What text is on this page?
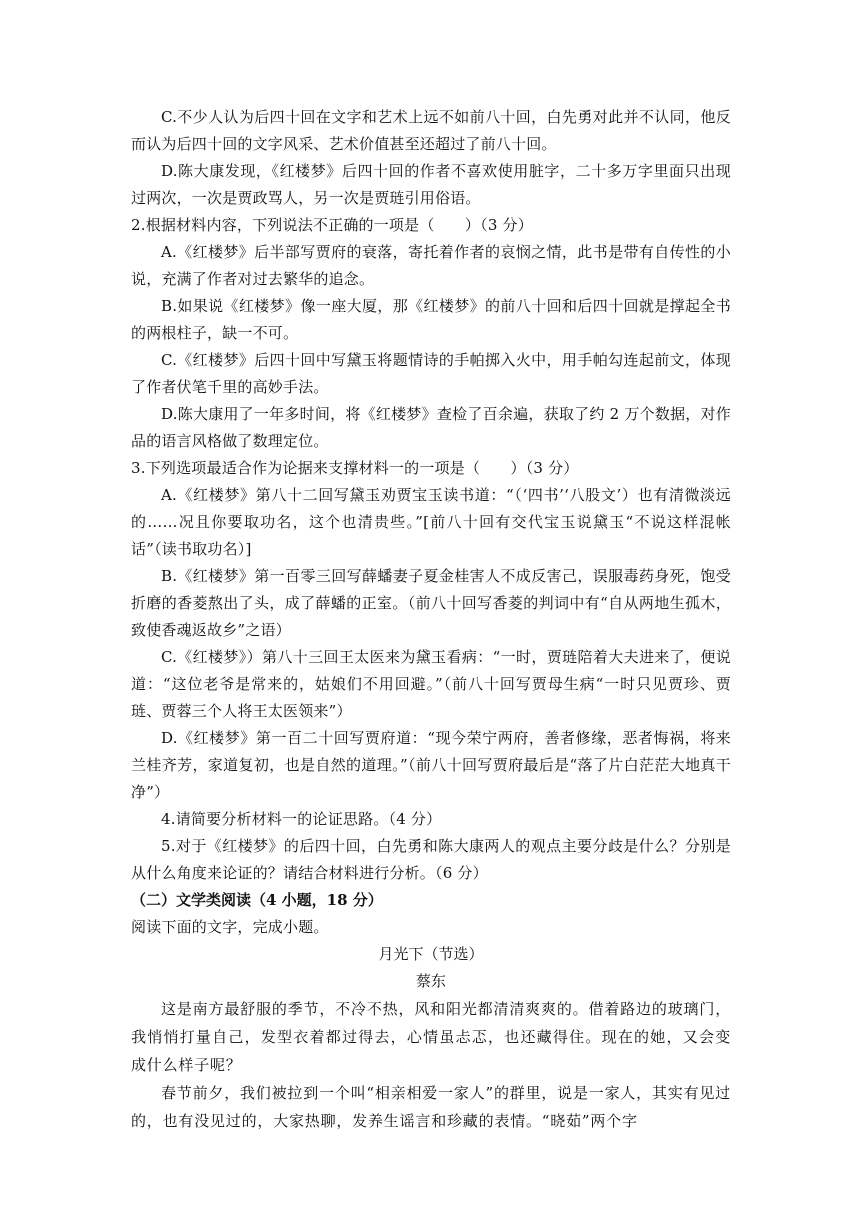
C.不少人认为后四十回在文字和艺术上远不如前八十回，白先勇对此并不认同，他反而认为后四十回的文字风采、艺术价值甚至还超过了前八十回。

D.陈大康发现，《红楼梦》后四十回的作者不喜欢使用脏字，二十多万字里面只出现过两次，一次是贾政骂人，另一次是贾琏引用俗语。

2.根据材料内容，下列说法不正确的一项是（　　）（3 分）

A.《红楼梦》后半部写贾府的衰落，寄托着作者的哀悯之情，此书是带有自传性的小说，充满了作者对过去繁华的追念。

B.如果说《红楼梦》像一座大厦，那《红楼梦》的前八十回和后四十回就是撑起全书的两根柱子，缺一不可。

C.《红楼梦》后四十回中写黛玉将题情诗的手帕掷入火中，用手帕勾连起前文，体现了作者伏笔千里的高妙手法。

D.陈大康用了一年多时间，将《红楼梦》查检了百余遍，获取了约 2 万个数据，对作品的语言风格做了数理定位。

3.下列选项最适合作为论据来支撑材料一的一项是（　　）（3 分）

A.《红楼梦》第八十二回写黛玉劝贾宝玉读书道：“（‘四书’‘八股文’）也有清微淡远的……况且你要取功名，这个也清贵些。”[前八十回有交代宝玉说黛玉“不说这样混帐话”（读书取功名）]

B.《红楼梦》第一百零三回写薛蟠妻子夏金桂害人不成反害己，误服毒药身死，饱受折磨的香菱熬出了头，成了薛蟠的正室。（前八十回写香菱的判词中有“自从两地生孤木，致使香魂返故乡”之语）

C.《红楼梦》）第八十三回王太医来为黛玉看病：“一时，贾琏陪着大夫进来了，便说道：“这位老爷是常来的，姑娘们不用回避。”（前八十回写贾母生病“一时只见贾珍、贾琏、贾蓉三个人将王太医领来”）

D.《红楼梦》第一百二十回写贾府道：“现今荣宁两府，善者修缘，恶者悔祸，将来兰桂齐芳，家道复初，也是自然的道理。”（前八十回写贾府最后是“落了片白茫茫大地真干净”）

4.请简要分析材料一的论证思路。（4 分）

5.对于《红楼梦》的后四十回，白先勇和陈大康两人的观点主要分歧是什么？分别是从什么角度来论证的？请结合材料进行分析。（6 分）

（二）文学类阅读（4 小题，18 分）

阅读下面的文字，完成小题。

月光下（节选）

蔡东

这是南方最舒服的季节，不冷不热，风和阳光都清清爽爽的。借着路边的玻璃门，我悄悄打量自己，发型衣着都过得去，心情虽忐忑，也还藏得住。现在的她，又会变成什么样子呢？

春节前夕，我们被拉到一个叫“相亲相爱一家人”的群里，说是一家人，其实有见过的，也有没见过的，大家热聊，发养生谣言和珍藏的表情。“晓茹”两个字
